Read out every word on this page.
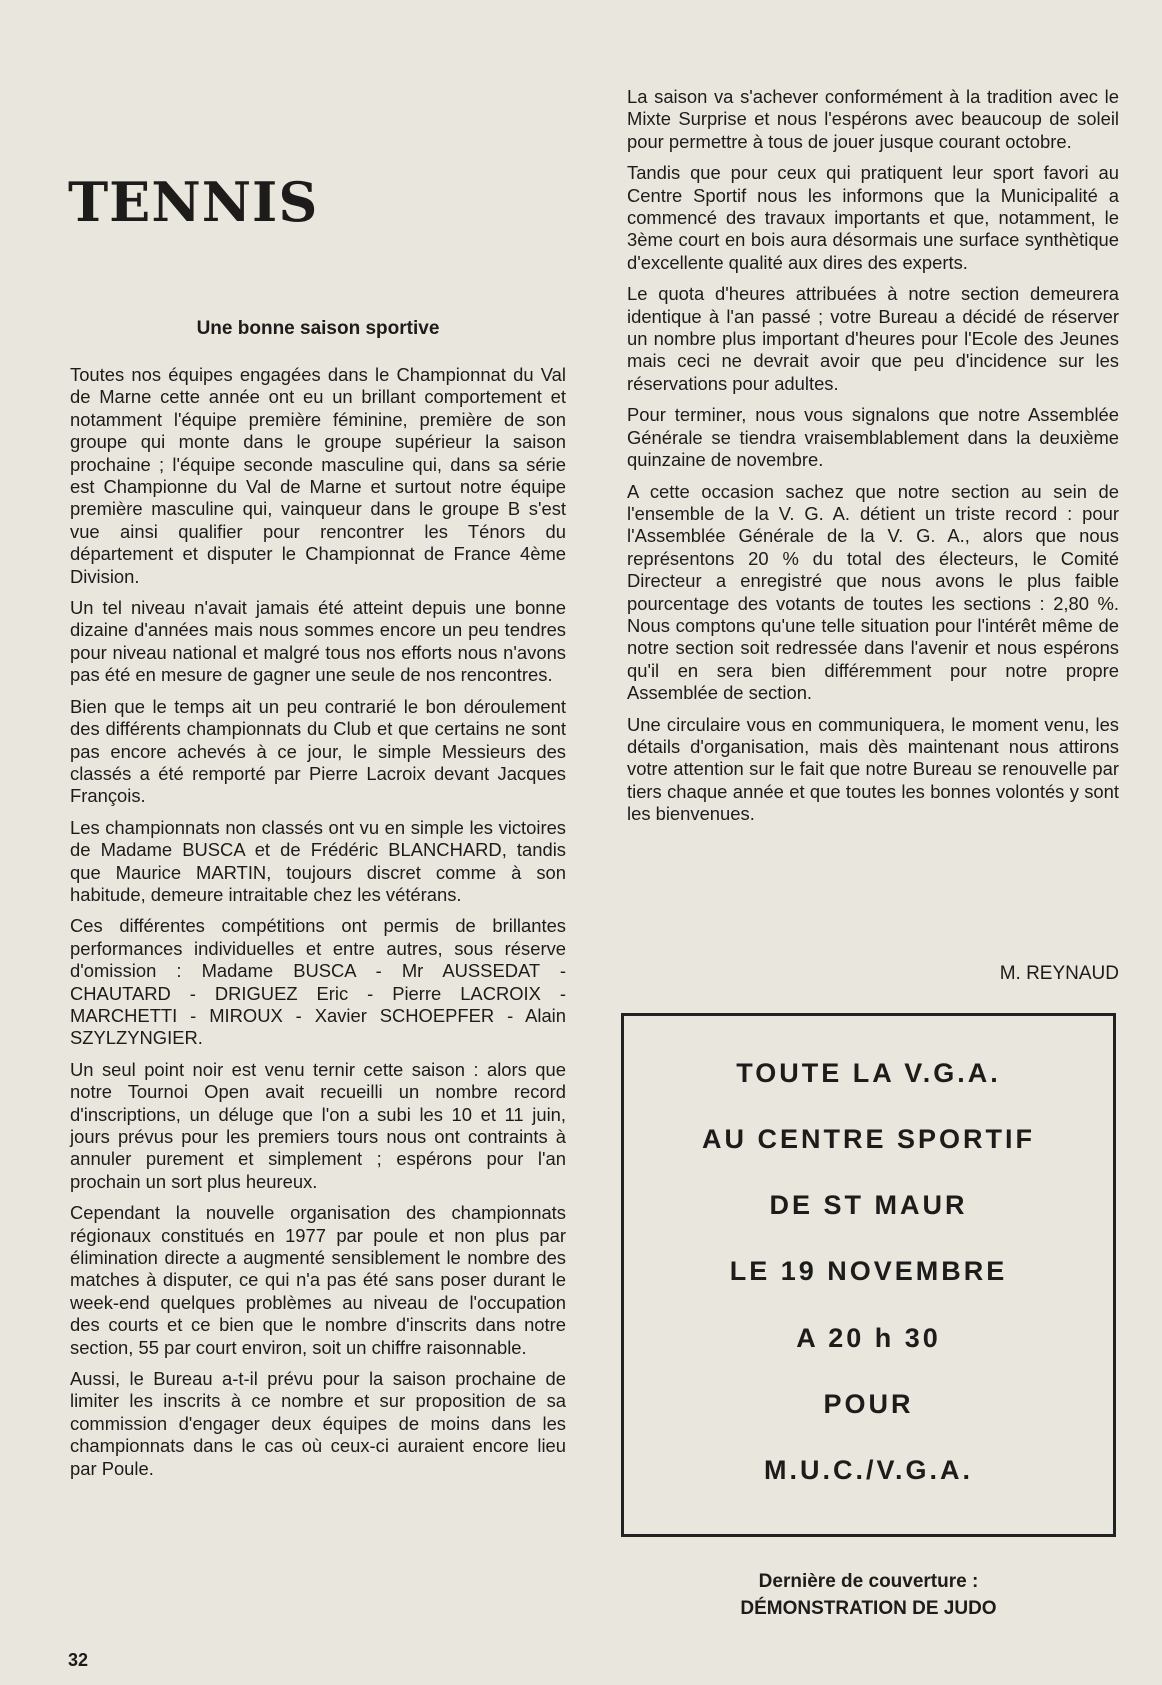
TENNIS
Une bonne saison sportive

Toutes nos équipes engagées dans le Championnat du Val de Marne cette année ont eu un brillant comportement et notamment l'équipe première féminine, première de son groupe qui monte dans le groupe supérieur la saison prochaine ; l'équipe seconde masculine qui, dans sa série est Championne du Val de Marne et surtout notre équipe première masculine qui, vainqueur dans le groupe B s'est vue ainsi qualifier pour rencontrer les Ténors du département et disputer le Championnat de France 4ème Division.

Un tel niveau n'avait jamais été atteint depuis une bonne dizaine d'années mais nous sommes encore un peu tendres pour niveau national et malgré tous nos efforts nous n'avons pas été en mesure de gagner une seule de nos rencontres.

Bien que le temps ait un peu contrarié le bon déroulement des différents championnats du Club et que certains ne sont pas encore achevés à ce jour, le simple Messieurs des classés a été remporté par Pierre Lacroix devant Jacques François.

Les championnats non classés ont vu en simple les victoires de Madame BUSCA et de Frédéric BLANCHARD, tandis que Maurice MARTIN, toujours discret comme à son habitude, demeure intraitable chez les vétérans.

Ces différentes compétitions ont permis de brillantes performances individuelles et entre autres, sous réserve d'omission : Madame BUSCA - Mr AUSSEDAT - CHAUTARD - DRIGUEZ Eric - Pierre LACROIX - MARCHETTI - MIROUX - Xavier SCHOEPFER - Alain SZYLZYNGIER.

Un seul point noir est venu ternir cette saison : alors que notre Tournoi Open avait recueilli un nombre record d'inscriptions, un déluge que l'on a subi les 10 et 11 juin, jours prévus pour les premiers tours nous ont contraints à annuler purement et simplement ; espérons pour l'an prochain un sort plus heureux.

Cependant la nouvelle organisation des championnats régionaux constitués en 1977 par poule et non plus par élimination directe a augmenté sensiblement le nombre des matches à disputer, ce qui n'a pas été sans poser durant le week-end quelques problèmes au niveau de l'occupation des courts et ce bien que le nombre d'inscrits dans notre section, 55 par court environ, soit un chiffre raisonnable.

Aussi, le Bureau a-t-il prévu pour la saison prochaine de limiter les inscrits à ce nombre et sur proposition de sa commission d'engager deux équipes de moins dans les championnats dans le cas où ceux-ci auraient encore lieu par Poule.

La saison va s'achever conformément à la tradition avec le Mixte Surprise et nous l'espérons avec beaucoup de soleil pour permettre à tous de jouer jusque courant octobre.

Tandis que pour ceux qui pratiquent leur sport favori au Centre Sportif nous les informons que la Municipalité a commencé des travaux importants et que, notamment, le 3ème court en bois aura désormais une surface synthètique d'excellente qualité aux dires des experts.

Le quota d'heures attribuées à notre section demeurera identique à l'an passé ; votre Bureau a décidé de réserver un nombre plus important d'heures pour l'Ecole des Jeunes mais ceci ne devrait avoir que peu d'incidence sur les réservations pour adultes.

Pour terminer, nous vous signalons que notre Assemblée Générale se tiendra vraisemblablement dans la deuxième quinzaine de novembre.

A cette occasion sachez que notre section au sein de l'ensemble de la V. G. A. détient un triste record : pour l'Assemblée Générale de la V. G. A., alors que nous représentons 20 % du total des électeurs, le Comité Directeur a enregistré que nous avons le plus faible pourcentage des votants de toutes les sections : 2,80 %. Nous comptons qu'une telle situation pour l'intérêt même de notre section soit redressée dans l'avenir et nous espérons qu'il en sera bien différemment pour notre propre Assemblée de section.

Une circulaire vous en communiquera, le moment venu, les détails d'organisation, mais dès maintenant nous attirons votre attention sur le fait que notre Bureau se renouvelle par tiers chaque année et que toutes les bonnes volontés y sont les bienvenues.

M. REYNAUD

TOUTE LA V.G.A.
AU CENTRE SPORTIF
DE ST MAUR
LE 19 NOVEMBRE
A 20 h 30
POUR
M.U.C./V.G.A.
Dernière de couverture :
DÉMONSTRATION DE JUDO
32
